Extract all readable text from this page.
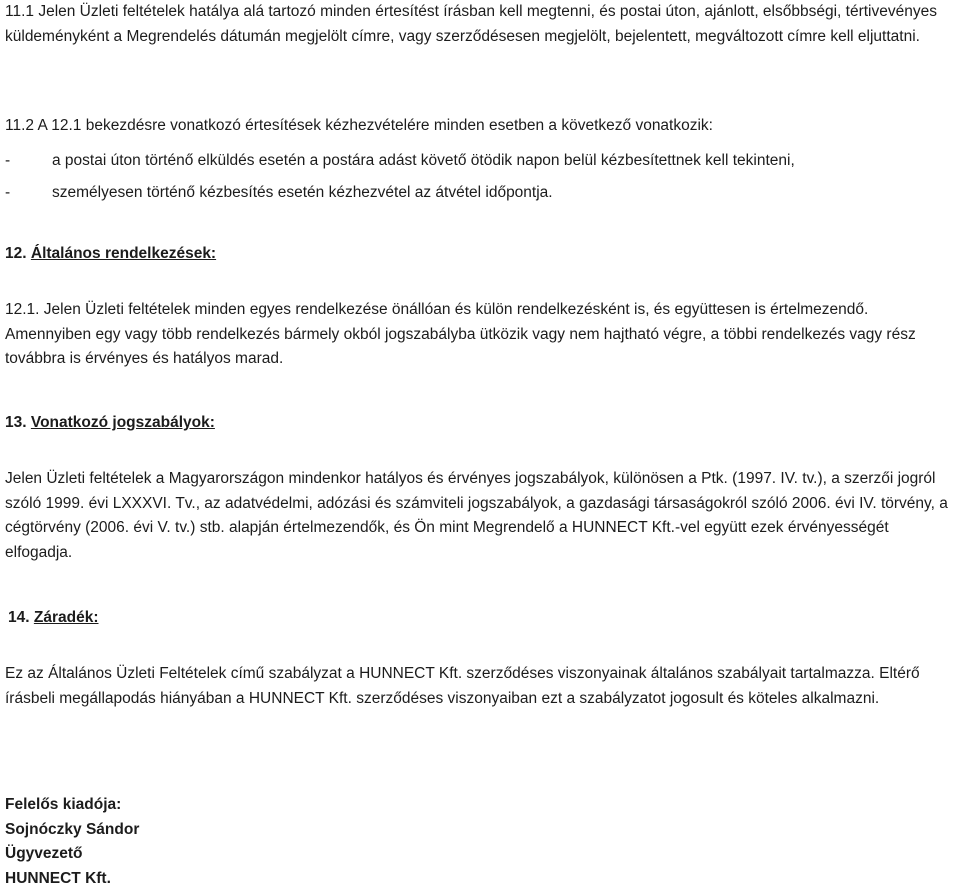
11.1 Jelen Üzleti feltételek hatálya alá tartozó minden értesítést írásban kell megtenni, és postai úton, ajánlott, elsőbbségi, tértivevényes küldeményként a Megrendelés dátumán megjelölt címre, vagy szerződésesen megjelölt, bejelentett, megváltozott címre kell eljuttatni.

11.2 A 12.1 bekezdésre vonatkozó értesítések kézhezvételére minden esetben a következő vonatkozik:

-	a postai úton történő elküldés esetén a postára adást követő ötödik napon belül kézbesítettnek kell tekinteni,
-	személyesen történő kézbesítés esetén kézhezvétel az átvétel időpontja.
12. Általános rendelkezések:

12.1. Jelen Üzleti feltételek minden egyes rendelkezése önállóan és külön rendelkezésként is, és együttesen is értelmezendő. Amennyiben egy vagy több rendelkezés bármely okból jogszabályba ütközik vagy nem hajtható végre, a többi rendelkezés vagy rész továbbra is érvényes és hatályos marad.

13. Vonatkozó jogszabályok:

Jelen Üzleti feltételek a Magyarországon mindenkor hatályos és érvényes jogszabályok, különösen a Ptk. (1997. IV. tv.), a szerzői jogról szóló 1999. évi LXXXVI. Tv., az adatvédelmi, adózási és számviteli jogszabályok, a gazdasági társaságokról szóló 2006. évi IV. törvény, a cégtörvény (2006. évi V. tv.) stb. alapján értelmezendők, és Ön mint Megrendelő a HUNNECT Kft.-vel együtt ezek érvényességét elfogadja.

14. Záradék:

Ez az Általános Üzleti Feltételek című szabályzat a HUNNECT Kft. szerződéses viszonyainak általános szabályait tartalmazza. Eltérő írásbeli megállapodás hiányában a HUNNECT Kft. szerződéses viszonyaiban ezt a szabályzatot jogosult és köteles alkalmazni.

Felelős kiadója:
Sojnóczky Sándor
Ügyvezető
HUNNECT Kft.
